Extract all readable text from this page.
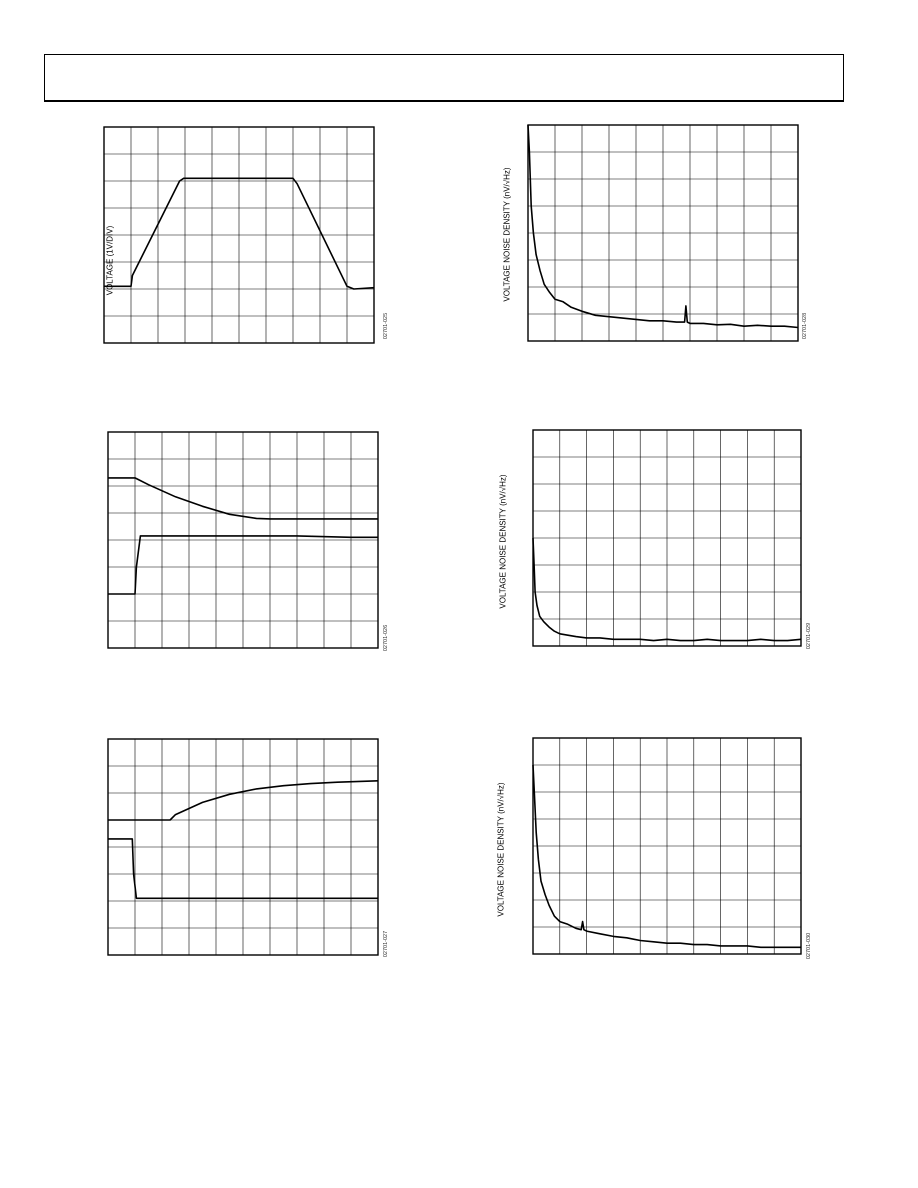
VOLTAGE (1V/DIV)
02701-025
VOLTAGE NOISE DENSITY (nV/√Hz)
02701-028
02701-026
VOLTAGE NOISE DENSITY (nV/√Hz)
02701-029
02701-027
VOLTAGE NOISE DENSITY (nV/√Hz)
02701-030
